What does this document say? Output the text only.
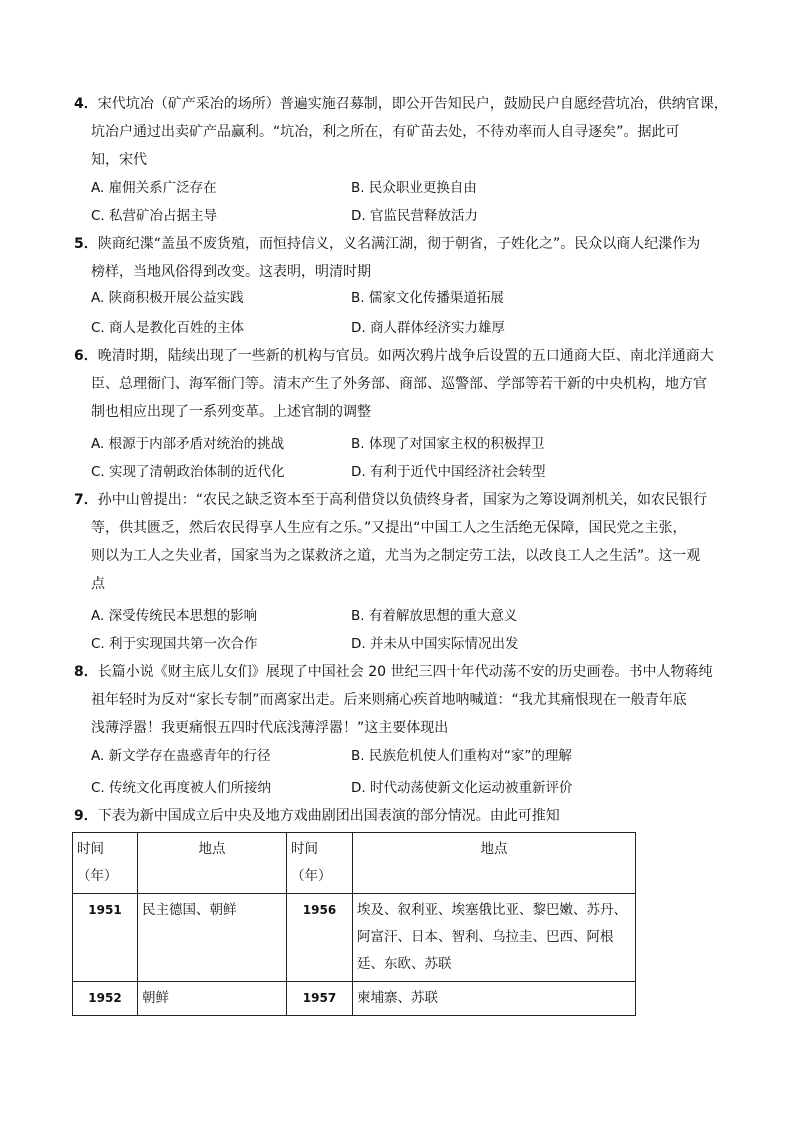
4．宋代坑冶（矿产采冶的场所）普遍实施召募制，即公开告知民户，鼓励民户自愿经营坑冶，供纳官课，
坑冶户通过出卖矿产品赢利。“坑冶，利之所在，有矿苗去处，不待劝率而人自寻逐矣”。据此可
知，宋代
A. 雇佣关系广泛存在	B. 民众职业更换自由
C. 私营矿冶占据主导	D. 官监民营释放活力
5．陕商纪渫“盖虽不废货殖，而恒持信义，义名满江湖，彻于朝省，子姓化之”。民众以商人纪渫作为
榜样，当地风俗得到改变。这表明，明清时期
A. 陕商积极开展公益实践	B. 儒家文化传播渠道拓展
C. 商人是教化百姓的主体	D. 商人群体经济实力雄厚
6．晚清时期，陆续出现了一些新的机构与官员。如两次鸦片战争后设置的五口通商大臣、南北洋通商大
臣、总理衙门、海军衙门等。清末产生了外务部、商部、巡警部、学部等若干新的中央机构，地方官
制也相应出现了一系列变革。上述官制的调整
A. 根源于内部矛盾对统治的挑战	B. 体现了对国家主权的积极捍卫
C. 实现了清朝政治体制的近代化	D. 有利于近代中国经济社会转型
7．孙中山曾提出：“农民之缺乏资本至于高利借贷以负债终身者，国家为之筹设调剂机关，如农民银行
等，供其匮乏，然后农民得享人生应有之乐。”又提出“中国工人之生活绝无保障，国民党之主张，
则以为工人之失业者，国家当为之谋救济之道，尤当为之制定劳工法，以改良工人之生活”。这一观
点
A. 深受传统民本思想的影响	B. 有着解放思想的重大意义
C. 利于实现国共第一次合作	D. 并未从中国实际情况出发
8．长篇小说《财主底儿女们》展现了中国社会 20 世纪三四十年代动荡不安的历史画卷。书中人物蒋纯
祖年轻时为反对“家长专制”而离家出走。后来则痛心疾首地呐喊道：“我尤其痛恨现在一般青年底
浅薄浮嚣！我更痛恨五四时代底浅薄浮嚣！”这主要体现出
A. 新文学存在蛊惑青年的行径	B. 民族危机使人们重构对“家”的理解
C. 传统文化再度被人们所接纳	D. 时代动荡使新文化运动被重新评价
9．下表为新中国成立后中央及地方戏曲剧团出国表演的部分情况。由此可推知
时间（年）	地点	时间（年）	地点
1951	民主德国、朝鲜	1956	埃及、叙利亚、埃塞俄比亚、黎巴嫩、苏丹、阿富汗、日本、智利、乌拉圭、巴西、阿根廷、东欧、苏联
1952	朝鲜	1957	柬埔寨、苏联
